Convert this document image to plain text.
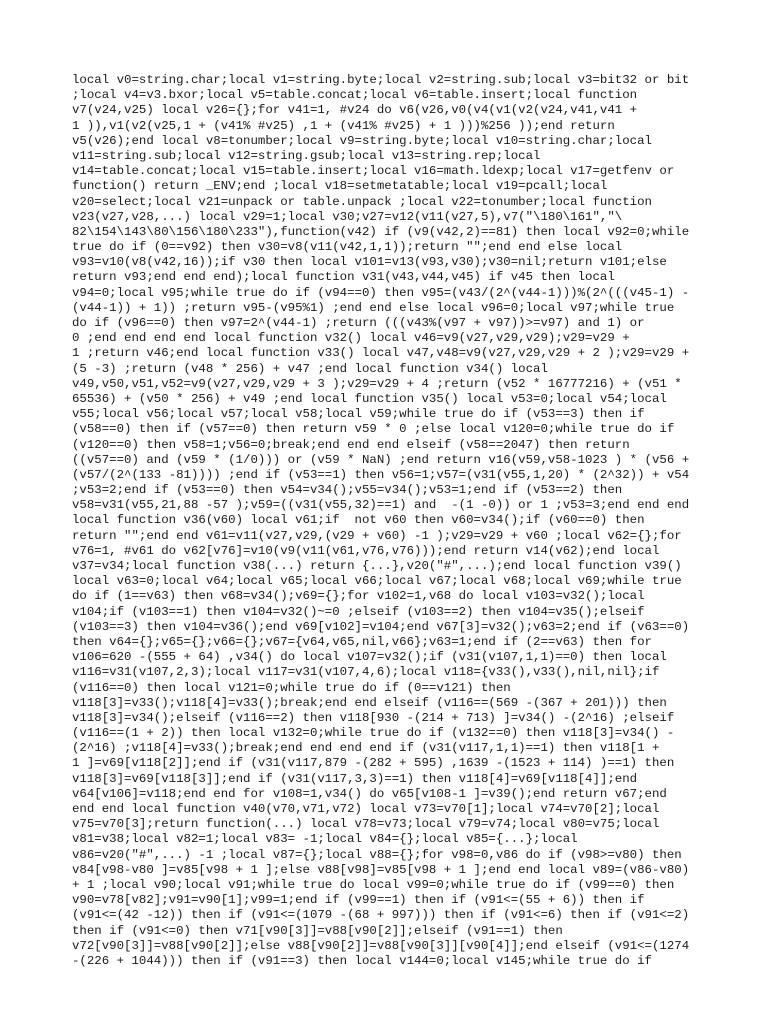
local v0=string.char;local v1=string.byte;local v2=string.sub;local v3=bit32 or bit
;local v4=v3.bxor;local v5=table.concat;local v6=table.insert;local function
v7(v24,v25) local v26={};for v41=1, #v24 do v6(v26,v0(v4(v1(v2(v24,v41,v41 +
1 )),v1(v2(v25,1 + (v41% #v25) ,1 + (v41% #v25) + 1 )))%256 ));end return
v5(v26);end local v8=tonumber;local v9=string.byte;local v10=string.char;local
v11=string.sub;local v12=string.gsub;local v13=string.rep;local
v14=table.concat;local v15=table.insert;local v16=math.ldexp;local v17=getfenv or
function() return _ENV;end ;local v18=setmetatable;local v19=pcall;local
v20=select;local v21=unpack or table.unpack ;local v22=tonumber;local function
v23(v27,v28,...) local v29=1;local v30;v27=v12(v11(v27,5),v7("\180\161","\
82\154\143\80\156\180\233"),function(v42) if (v9(v42,2)==81) then local v92=0;while
true do if (0==v92) then v30=v8(v11(v42,1,1));return "";end end else local
v93=v10(v8(v42,16));if v30 then local v101=v13(v93,v30);v30=nil;return v101;else
return v93;end end end);local function v31(v43,v44,v45) if v45 then local
v94=0;local v95;while true do if (v94==0) then v95=(v43/(2^(v44-1)))%(2^(((v45-1) -
(v44-1)) + 1)) ;return v95-(v95%1) ;end end else local v96=0;local v97;while true
do if (v96==0) then v97=2^(v44-1) ;return (((v43%(v97 + v97))>=v97) and 1) or
0 ;end end end end local function v32() local v46=v9(v27,v29,v29);v29=v29 +
1 ;return v46;end local function v33() local v47,v48=v9(v27,v29,v29 + 2 );v29=v29 +
(5 -3) ;return (v48 * 256) + v47 ;end local function v34() local
v49,v50,v51,v52=v9(v27,v29,v29 + 3 );v29=v29 + 4 ;return (v52 * 16777216) + (v51 *
65536) + (v50 * 256) + v49 ;end local function v35() local v53=0;local v54;local
v55;local v56;local v57;local v58;local v59;while true do if (v53==3) then if
(v58==0) then if (v57==0) then return v59 * 0 ;else local v120=0;while true do if
(v120==0) then v58=1;v56=0;break;end end end elseif (v58==2047) then return
((v57==0) and (v59 * (1/0))) or (v59 * NaN) ;end return v16(v59,v58-1023 ) * (v56 +
(v57/(2^(133 -81)))) ;end if (v53==1) then v56=1;v57=(v31(v55,1,20) * (2^32)) + v54
;v53=2;end if (v53==0) then v54=v34();v55=v34();v53=1;end if (v53==2) then
v58=v31(v55,21,88 -57 );v59=((v31(v55,32)==1) and  -(1 -0)) or 1 ;v53=3;end end end
local function v36(v60) local v61;if  not v60 then v60=v34();if (v60==0) then
return "";end end v61=v11(v27,v29,(v29 + v60) -1 );v29=v29 + v60 ;local v62={};for
v76=1, #v61 do v62[v76]=v10(v9(v11(v61,v76,v76)));end return v14(v62);end local
v37=v34;local function v38(...) return {...},v20("#",...);end local function v39()
local v63=0;local v64;local v65;local v66;local v67;local v68;local v69;while true
do if (1==v63) then v68=v34();v69={};for v102=1,v68 do local v103=v32();local
v104;if (v103==1) then v104=v32()~=0 ;elseif (v103==2) then v104=v35();elseif
(v103==3) then v104=v36();end v69[v102]=v104;end v67[3]=v32();v63=2;end if (v63==0)
then v64={};v65={};v66={};v67={v64,v65,nil,v66};v63=1;end if (2==v63) then for
v106=620 -(555 + 64) ,v34() do local v107=v32();if (v31(v107,1,1)==0) then local
v116=v31(v107,2,3);local v117=v31(v107,4,6);local v118={v33(),v33(),nil,nil};if
(v116==0) then local v121=0;while true do if (0==v121) then
v118[3]=v33();v118[4]=v33();break;end end elseif (v116==(569 -(367 + 201))) then
v118[3]=v34();elseif (v116==2) then v118[930 -(214 + 713) ]=v34() -(2^16) ;elseif
(v116==(1 + 2)) then local v132=0;while true do if (v132==0) then v118[3]=v34() -
(2^16) ;v118[4]=v33();break;end end end end if (v31(v117,1,1)==1) then v118[1 +
1 ]=v69[v118[2]];end if (v31(v117,879 -(282 + 595) ,1639 -(1523 + 114) )==1) then
v118[3]=v69[v118[3]];end if (v31(v117,3,3)==1) then v118[4]=v69[v118[4]];end
v64[v106]=v118;end end for v108=1,v34() do v65[v108-1 ]=v39();end return v67;end
end end local function v40(v70,v71,v72) local v73=v70[1];local v74=v70[2];local
v75=v70[3];return function(...) local v78=v73;local v79=v74;local v80=v75;local
v81=v38;local v82=1;local v83= -1;local v84={};local v85={...};local
v86=v20("#",...) -1 ;local v87={};local v88={};for v98=0,v86 do if (v98>=v80) then
v84[v98-v80 ]=v85[v98 + 1 ];else v88[v98]=v85[v98 + 1 ];end end local v89=(v86-v80)
+ 1 ;local v90;local v91;while true do local v99=0;while true do if (v99==0) then
v90=v78[v82];v91=v90[1];v99=1;end if (v99==1) then if (v91<=(55 + 6)) then if
(v91<=(42 -12)) then if (v91<=(1079 -(68 + 997))) then if (v91<=6) then if (v91<=2)
then if (v91<=0) then v71[v90[3]]=v88[v90[2]];elseif (v91==1) then
v72[v90[3]]=v88[v90[2]];else v88[v90[2]]=v88[v90[3]][v90[4]];end elseif (v91<=(1274
-(226 + 1044))) then if (v91==3) then local v144=0;local v145;while true do if
